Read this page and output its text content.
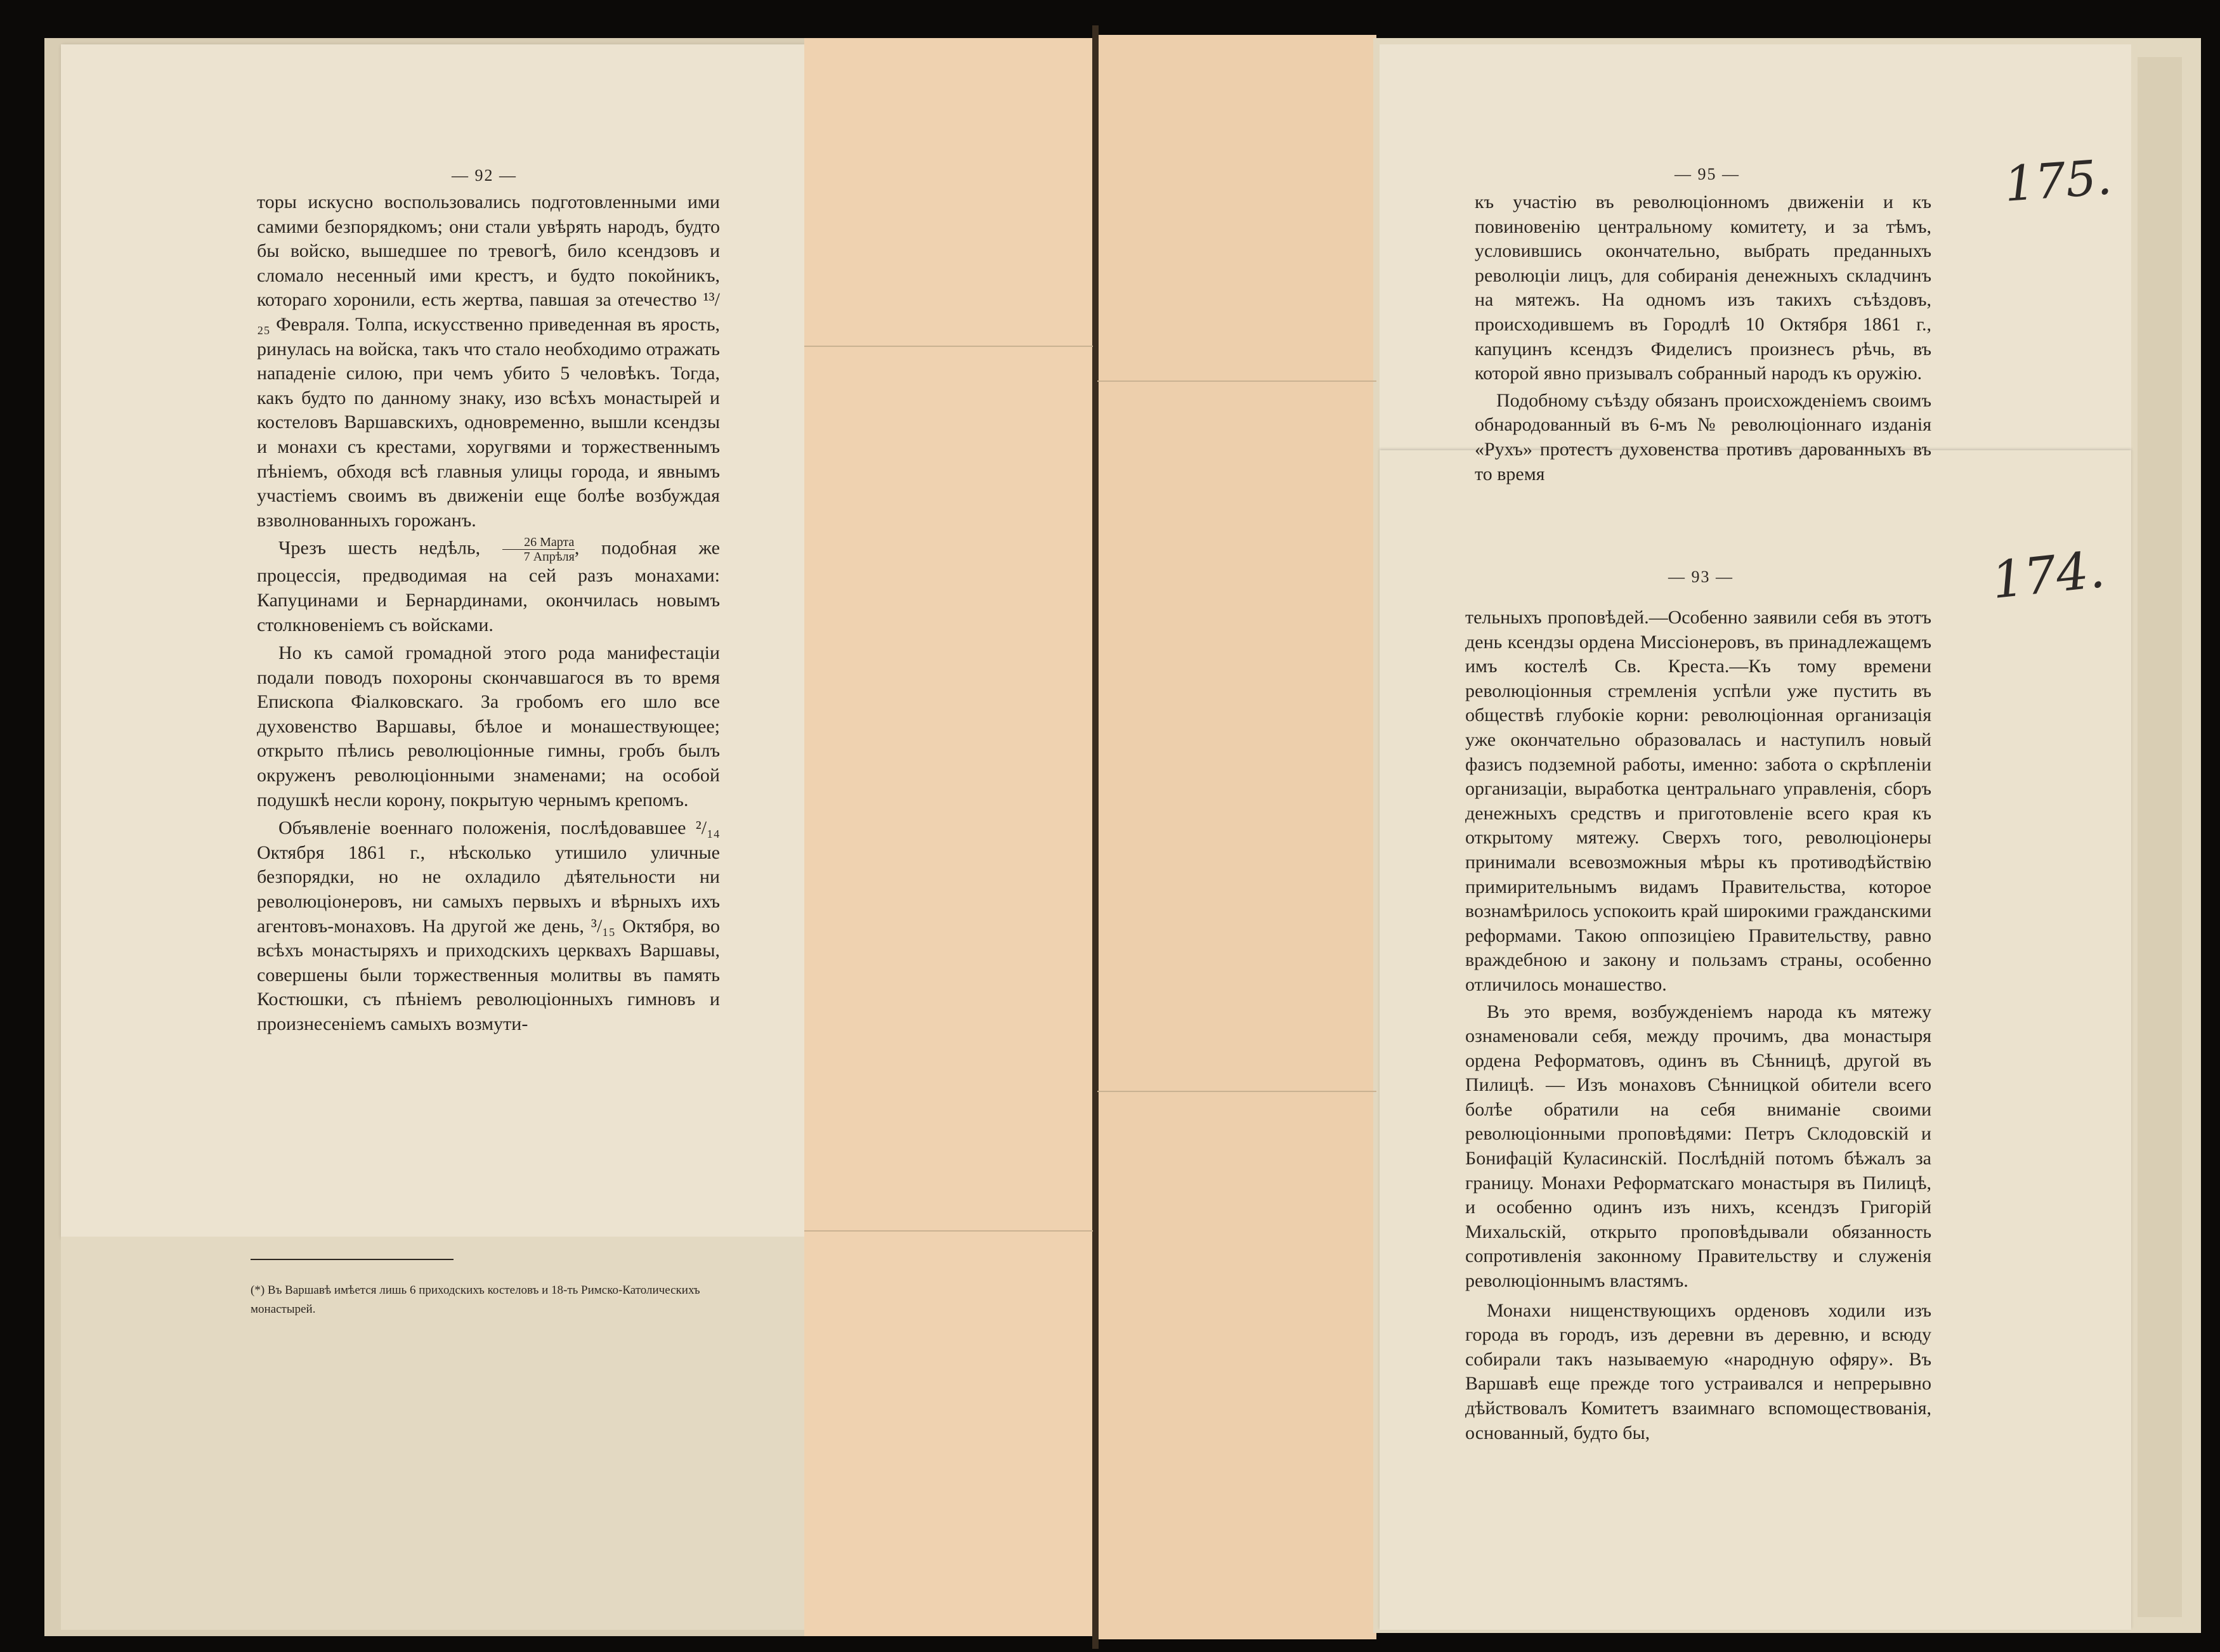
— 92 —

торы искусно воспользовались подготовленными ими самими безпорядкомъ; они стали увѣрять народъ, будто бы войско, вышедшее по тревогѣ, било ксендзовъ и сломало несенный ими крестъ, и будто покойникъ, котораго хоронили, есть жертва, павшая за отечество ¹³/₂₅ Февраля. Толпа, искусственно приведенная въ ярость, ринулась на войска, такъ что стало необходимо отражать нападеніе силою, при чемъ убито 5 человѣкъ. Тогда, какъ будто по данному знаку, изо всѣхъ монастырей и костеловъ Варшавскихъ, одновременно, вышли ксендзы и монахи съ крестами, хоругвями и торжественнымъ пѣніемъ, обходя всѣ главныя улицы города, и явнымъ участіемъ своимъ въ движеніи еще болѣе возбуждая взволнованныхъ горожанъ.

Чрезъ шесть недѣль, $\frac{\text{26 Марта}}{\text{7 Апрѣля}}$ , подобная же процессія, предводимая на сей разъ монахами: Капуцинами и Бернардинами, окончилась новымъ столкновеніемъ съ войсками.

Но къ самой громадной этого рода манифестаціи подали поводъ похороны скончавшагося въ то время Епископа Фіалковскаго. За гробомъ его шло все духовенство Варшавы, бѣлое и монашествующее; открыто пѣлись революціонные гимны, гробъ былъ окруженъ революціонными знаменами; на особой подушкѣ несли корону, покрытую чернымъ крепомъ.

Объявленіе военнаго положенія, послѣдовавшее ²/₁₄ Октября 1861 г., нѣсколько утишило уличные безпорядки, но не охладило дѣятельности ни революціонеровъ, ни самыхъ первыхъ и вѣрныхъ ихъ агентовъ-монаховъ. На другой же день, ³/₁₅ Октября, во всѣхъ монастыряхъ и приходскихъ церквахъ Варшавы, совершены были торжественныя молитвы въ память Костюшки, съ пѣніемъ революціонныхъ гимновъ и произнесеніемъ самыхъ возмути-

(*) Въ Варшавѣ имѣется лишь 6 приходскихъ костеловъ и 18-ть Римско-Католическихъ монастырей.
— 95 —	175.

къ участію въ революціонномъ движеніи и къ повиновенію центральному комитету, и за тѣмъ, условившись окончательно, выбрать преданныхъ революціи лицъ, для собиранія денежныхъ складчинъ на мятежъ. На одномъ изъ такихъ съѣздовъ, происходившемъ въ Городлѣ 10 Октября 1861 г., капуцинъ ксендзъ Фиделисъ произнесъ рѣчь, въ которой явно призывалъ собранный народъ къ оружію.

Подобному съѣзду обязанъ происхожденіемъ своимъ обнародованный въ 6-мъ № революціоннаго изданія «Рухъ» протестъ духовенства противъ дарованныхъ въ то время

— 93 —	174.

тельныхъ проповѣдей.—Особенно заявили себя въ этотъ день ксендзы ордена Миссіонеровъ, въ принадлежащемъ имъ костелѣ Св. Креста.—Къ тому времени революціонныя стремленія успѣли уже пустить въ обществѣ глубокіе корни: революціонная организація уже окончательно образовалась и наступилъ новый фазисъ подземной работы, именно: забота о скрѣпленіи организаціи, выработка центральнаго управленія, сборъ денежныхъ средствъ и приготовленіе всего края къ открытому мятежу. Сверхъ того, революціонеры принимали всевозможныя мѣры къ противодѣйствію примирительнымъ видамъ Правительства, которое вознамѣрилось успокоить край широкими гражданскими реформами. Такою оппозиціею Правительству, равно враждебною и закону и пользамъ страны, особенно отличилось монашество.

Въ это время, возбужденіемъ народа къ мятежу ознаменовали себя, между прочимъ, два монастыря ордена Реформатовъ, одинъ въ Сѣнницѣ, другой въ Пилицѣ. — Изъ монаховъ Сѣнницкой обители всего болѣе обратили на себя вниманіе своими революціонными проповѣдями: Петръ Склодовскій и Бонифацій Куласинскій. Послѣдній потомъ бѣжалъ за границу. Монахи Реформатскаго монастыря въ Пилицѣ, и особенно одинъ изъ нихъ, ксендзъ Григорій Михальскій, открыто проповѣдывали обязанность сопротивленія законному Правительству и служенія революціоннымъ властямъ.

Монахи нищенствующихъ орденовъ ходили изъ города въ городъ, изъ деревни въ деревню, и всюду собирали такъ называемую «народную офяру». Въ Варшавѣ еще прежде того устраивался и непрерывно дѣйствовалъ Комитетъ взаимнаго вспомоществованія, основанный, будто бы,
